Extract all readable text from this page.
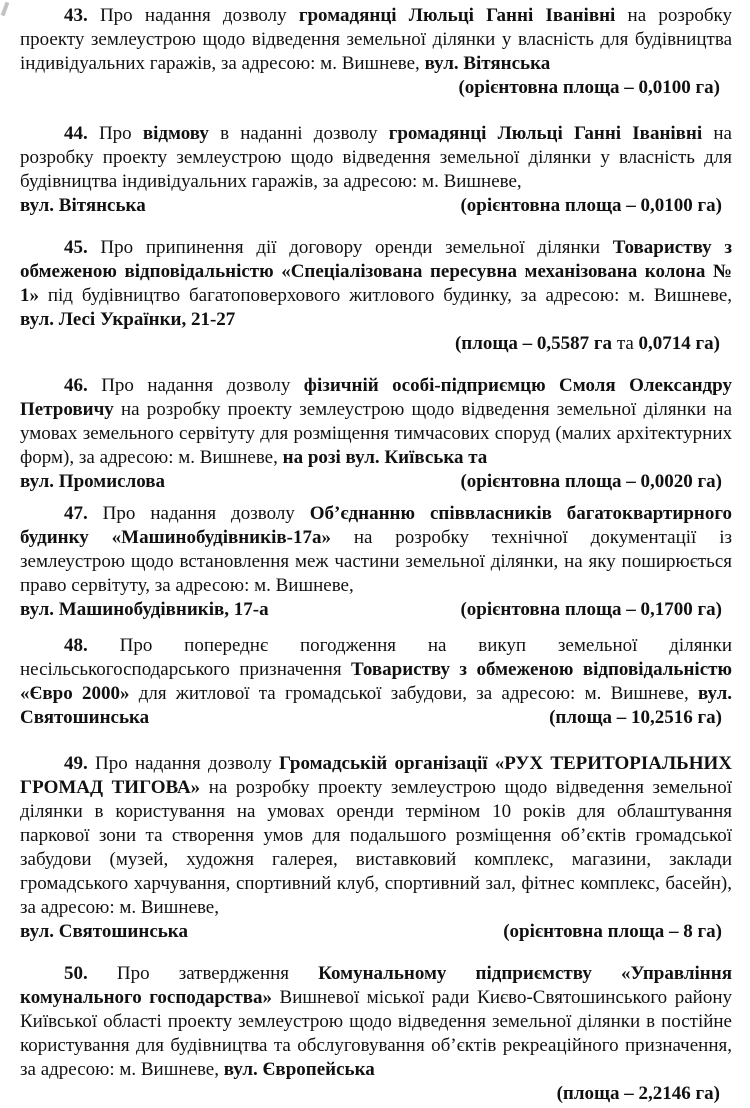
43. Про надання дозволу громадянці Люльці Ганні Іванівні на розробку проекту землеустрою щодо відведення земельної ділянки у власність для будівництва індивідуальних гаражів, за адресою: м. Вишневе, вул. Вітянська

(орієнтовна площа – 0,0100 га)

44. Про відмову в наданні дозволу громадянці Люльці Ганні Іванівні на розробку проекту землеустрою щодо відведення земельної ділянки у власність для будівництва індивідуальних гаражів, за адресою: м. Вишневе,

вул. Вітянська	(орієнтовна площа – 0,0100 га)

45. Про припинення дії договору оренди земельної ділянки Товариству з обмеженою відповідальністю «Спеціалізована пересувна механізована колона № 1» під будівництво багатоповерхового житлового будинку, за адресою: м. Вишневе, вул. Лесі Українки, 21-27

(площа – 0,5587 га та 0,0714 га)

46. Про надання дозволу фізичній особі-підприємцю Смоля Олександру Петровичу на розробку проекту землеустрою щодо відведення земельної ділянки на умовах земельного сервітуту для розміщення тимчасових споруд (малих архітектурних форм), за адресою: м. Вишневе, на розі вул. Київська та

вул. Промислова	(орієнтовна площа – 0,0020 га)

47. Про надання дозволу Об’єднанню співвласників багатоквартирного будинку «Машинобудівників-17а» на розробку технічної документації із землеустрою щодо встановлення меж частини земельної ділянки, на яку поширюється право сервітуту, за адресою: м. Вишневе,

вул. Машинобудівників, 17-а	(орієнтовна площа – 0,1700 га)

48. Про попереднє погодження на викуп земельної ділянки несільськогосподарського призначення Товариству з обмеженою відповідальністю «Євро 2000» для житлової та громадської забудови, за адресою: м. Вишневе, вул. Святошинська	(площа – 10,2516 га)

49. Про надання дозволу Громадській організації «РУХ ТЕРИТОРІАЛЬНИХ ГРОМАД ТИГОВА» на розробку проекту землеустрою щодо відведення земельної ділянки в користування на умовах оренди терміном 10 років для облаштування паркової зони та створення умов для подальшого розміщення об’єктів громадської забудови (музей, художня галерея, виставковий комплекс, магазини, заклади громадського харчування, спортивний клуб, спортивний зал, фітнес комплекс, басейн), за адресою: м. Вишневе,

вул. Святошинська	(орієнтовна площа – 8 га)

50. Про затвердження Комунальному підприємству «Управління комунального господарства» Вишневої міської ради Києво-Святошинського району Київської області проекту землеустрою щодо відведення земельної ділянки в постійне користування для будівництва та обслуговування об’єктів рекреаційного призначення, за адресою: м. Вишневе, вул. Європейська

(площа – 2,2146 га)
